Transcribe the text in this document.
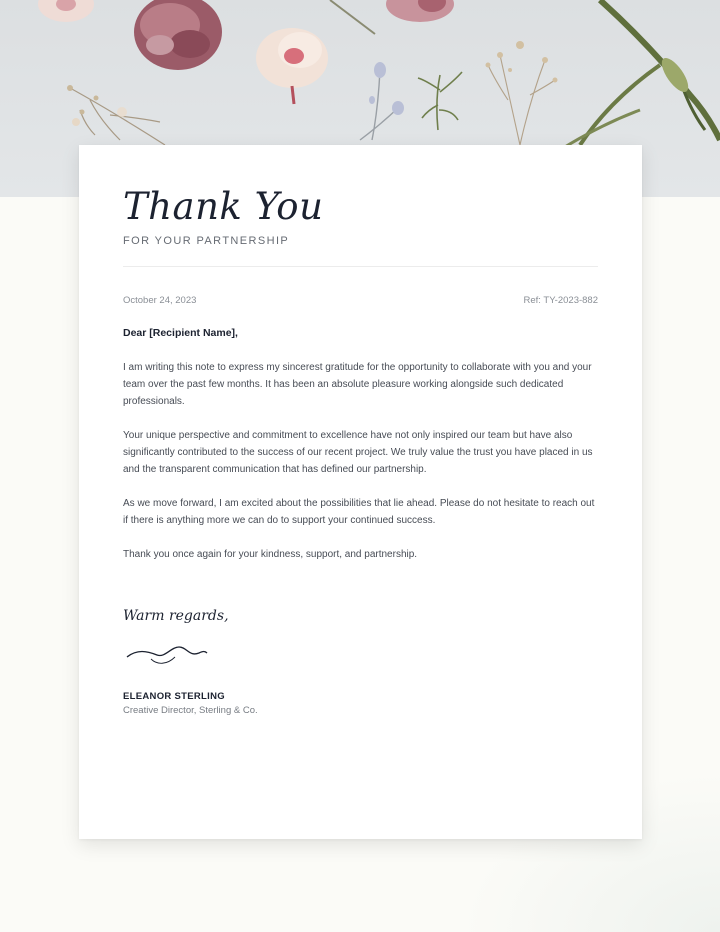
Thank You
FOR YOUR PARTNERSHIP
October 24, 2023	Ref: TY-2023-882
Dear [Recipient Name],

I am writing this note to express my sincerest gratitude for the opportunity to collaborate with you and your team over the past few months. It has been an absolute pleasure working alongside such dedicated professionals.

Your unique perspective and commitment to excellence have not only inspired our team but have also significantly contributed to the success of our recent project. We truly value the trust you have placed in us and the transparent communication that has defined our partnership.

As we move forward, I am excited about the possibilities that lie ahead. Please do not hesitate to reach out if there is anything more we can do to support your continued success.

Thank you once again for your kindness, support, and partnership.

Warm regards,
ELEANOR STERLING
Creative Director, Sterling & Co.
